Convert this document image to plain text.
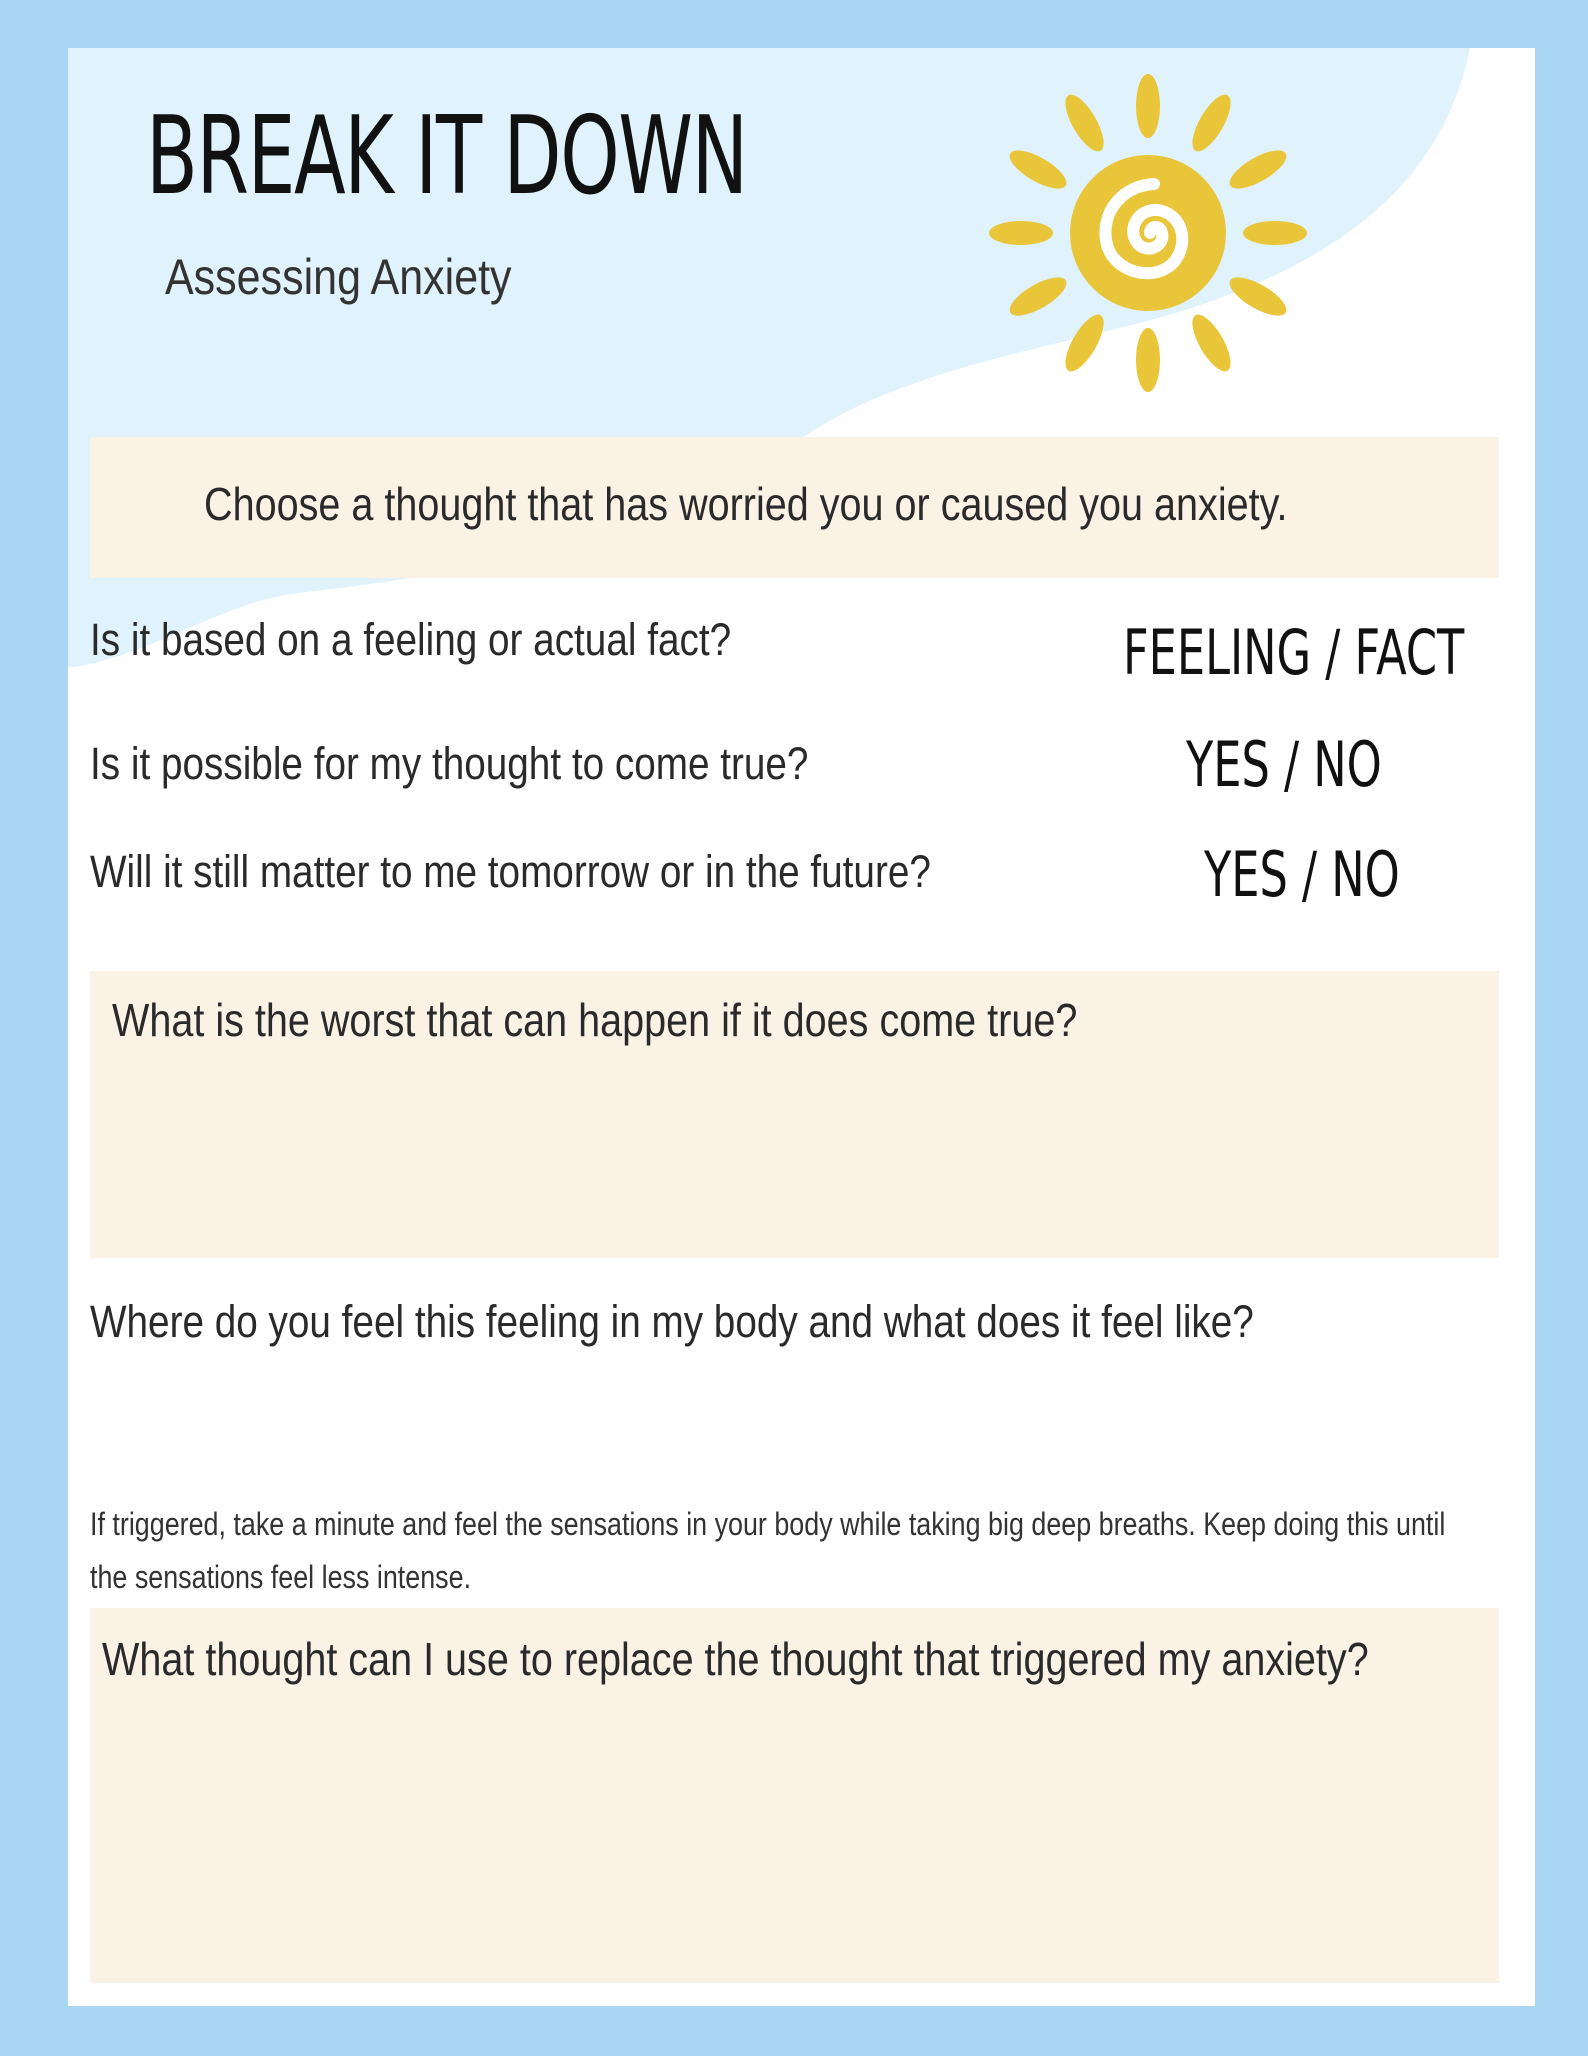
BREAK IT DOWN
Assessing Anxiety
Choose a thought that has worried you or caused you anxiety.
Is it based on a feeling or actual fact?	FEELING / FACT
Is it possible for my thought to come true?	YES / NO
Will it still matter to me tomorrow or in the future?	YES / NO
What is the worst that can happen if it does come true?
Where do you feel this feeling in my body and what does it feel like?
If triggered, take a minute and feel the sensations in your body while taking big deep breaths. Keep doing this until the sensations feel less intense.
What thought can I use to replace the thought that triggered my anxiety?
